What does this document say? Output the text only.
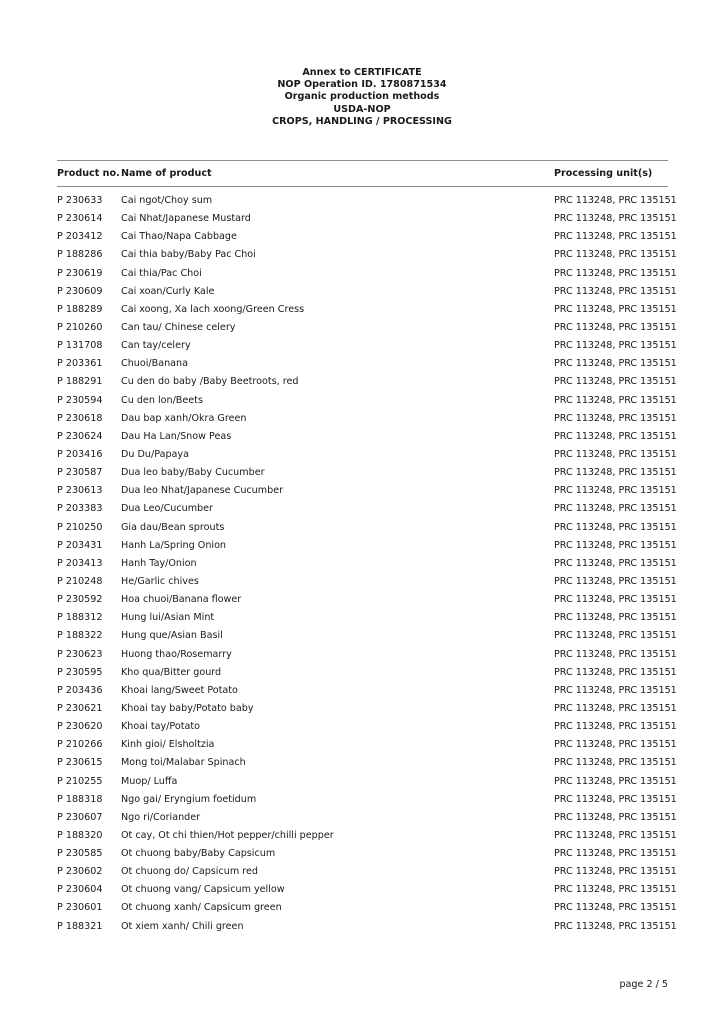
Annex to CERTIFICATE
NOP Operation ID. 1780871534
Organic production methods
USDA-NOP
CROPS, HANDLING / PROCESSING
Product no. Name of product	Processing unit(s)
P 230633 Cai ngot/Choy sum	PRC 113248, PRC 135151
P 230614 Cai Nhat/Japanese Mustard	PRC 113248, PRC 135151
P 203412 Cai Thao/Napa Cabbage	PRC 113248, PRC 135151
P 188286 Cai thia baby/Baby Pac Choi	PRC 113248, PRC 135151
P 230619 Cai thia/Pac Choi	PRC 113248, PRC 135151
P 230609 Cai xoan/Curly Kale	PRC 113248, PRC 135151
P 188289 Cai xoong, Xa lach xoong/Green Cress	PRC 113248, PRC 135151
P 210260 Can tau/ Chinese celery	PRC 113248, PRC 135151
P 131708 Can tay/celery	PRC 113248, PRC 135151
P 203361 Chuoi/Banana	PRC 113248, PRC 135151
P 188291 Cu den do baby /Baby Beetroots, red	PRC 113248, PRC 135151
P 230594 Cu den lon/Beets	PRC 113248, PRC 135151
P 230618 Dau bap xanh/Okra Green	PRC 113248, PRC 135151
P 230624 Dau Ha Lan/Snow Peas	PRC 113248, PRC 135151
P 203416 Du Du/Papaya	PRC 113248, PRC 135151
P 230587 Dua leo baby/Baby Cucumber	PRC 113248, PRC 135151
P 230613 Dua leo Nhat/Japanese Cucumber	PRC 113248, PRC 135151
P 203383 Dua Leo/Cucumber	PRC 113248, PRC 135151
P 210250 Gia dau/Bean sprouts	PRC 113248, PRC 135151
P 203431 Hanh La/Spring Onion	PRC 113248, PRC 135151
P 203413 Hanh Tay/Onion	PRC 113248, PRC 135151
P 210248 He/Garlic chives	PRC 113248, PRC 135151
P 230592 Hoa chuoi/Banana flower	PRC 113248, PRC 135151
P 188312 Hung lui/Asian Mint	PRC 113248, PRC 135151
P 188322 Hung que/Asian Basil	PRC 113248, PRC 135151
P 230623 Huong thao/Rosemarry	PRC 113248, PRC 135151
P 230595 Kho qua/Bitter gourd	PRC 113248, PRC 135151
P 203436 Khoai lang/Sweet Potato	PRC 113248, PRC 135151
P 230621 Khoai tay baby/Potato baby	PRC 113248, PRC 135151
P 230620 Khoai tay/Potato	PRC 113248, PRC 135151
P 210266 Kinh gioi/ Elsholtzia	PRC 113248, PRC 135151
P 230615 Mong toi/Malabar Spinach	PRC 113248, PRC 135151
P 210255 Muop/ Luffa	PRC 113248, PRC 135151
P 188318 Ngo gai/ Eryngium foetidum	PRC 113248, PRC 135151
P 230607 Ngo ri/Coriander	PRC 113248, PRC 135151
P 188320 Ot cay, Ot chi thien/Hot pepper/chilli pepper	PRC 113248, PRC 135151
P 230585 Ot chuong baby/Baby Capsicum	PRC 113248, PRC 135151
P 230602 Ot chuong do/ Capsicum red	PRC 113248, PRC 135151
P 230604 Ot chuong vang/ Capsicum yellow	PRC 113248, PRC 135151
P 230601 Ot chuong xanh/ Capsicum green	PRC 113248, PRC 135151
P 188321 Ot xiem xanh/ Chili green	PRC 113248, PRC 135151
page 2 / 5
